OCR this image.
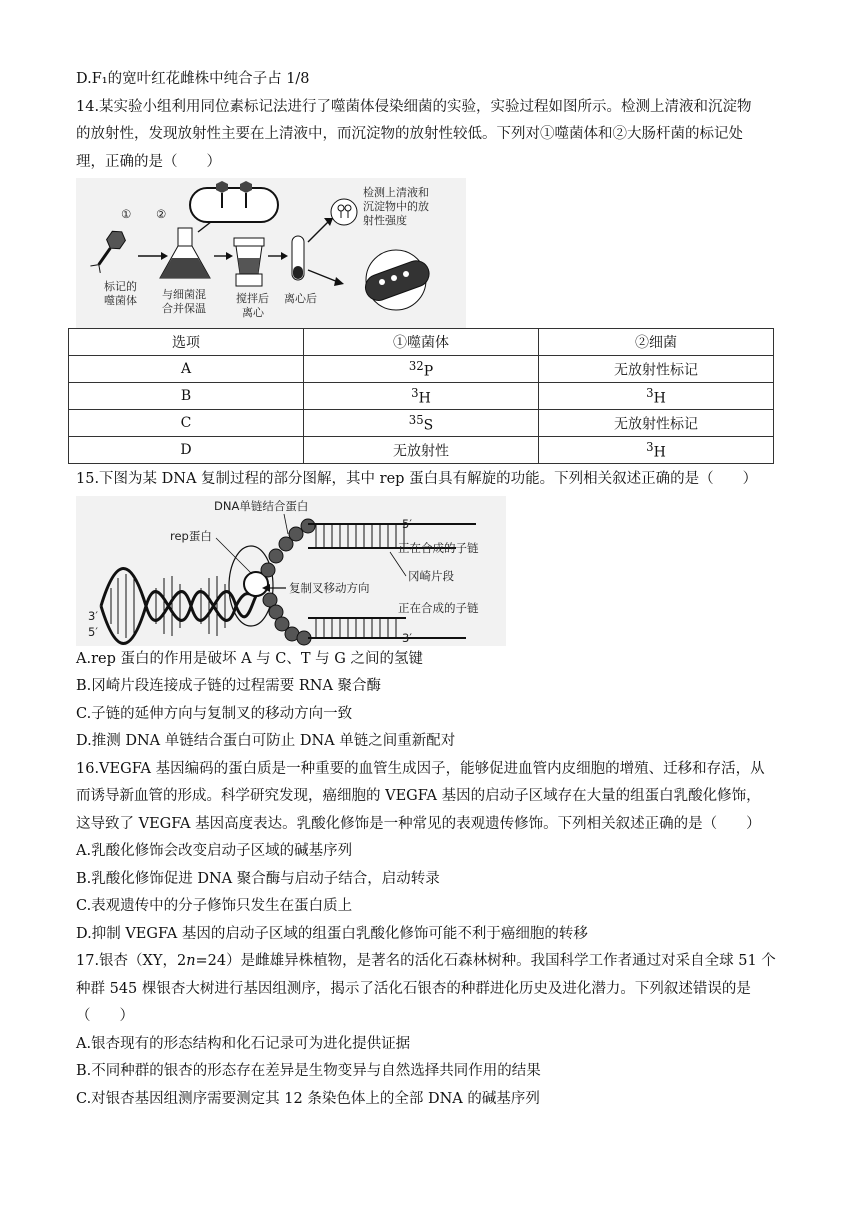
D.F₁的宽叶红花雌株中纯合子占 1/8
14.某实验小组利用同位素标记法进行了噬菌体侵染细菌的实验，实验过程如图所示。检测上清液和沉淀物
的放射性，发现放射性主要在上清液中，而沉淀物的放射性较低。下列对①噬菌体和②大肠杆菌的标记处
理，正确的是（　　）
① ②
标记的
噬菌体 与细菌混
合并保温
搅拌后
离心
离心后
检测上清液和
沉淀物中的放
射性强度
选项	①噬菌体	②细菌
A	$^{32}$P	无放射性标记
B	$^3$H	$^3$H
C	$^{35}$S	无放射性标记
D	无放射性	$^3$H
15.下图为某 DNA 复制过程的部分图解，其中 rep 蛋白具有解旋的功能。下列相关叙述正确的是（　　）
3′
5′
DNA单链结合蛋白
rep蛋白
复制叉移动方向
正在合成的子链
冈崎片段
正在合成的子链
5′
3′
A.rep 蛋白的作用是破坏 A 与 C、T 与 G 之间的氢键
B.冈崎片段连接成子链的过程需要 RNA 聚合酶
C.子链的延伸方向与复制叉的移动方向一致
D.推测 DNA 单链结合蛋白可防止 DNA 单链之间重新配对
16.VEGFA 基因编码的蛋白质是一种重要的血管生成因子，能够促进血管内皮细胞的增殖、迁移和存活，从
而诱导新血管的形成。科学研究发现，癌细胞的 VEGFA 基因的启动子区域存在大量的组蛋白乳酸化修饰，
这导致了 VEGFA 基因高度表达。乳酸化修饰是一种常见的表观遗传修饰。下列相关叙述正确的是（　　）
A.乳酸化修饰会改变启动子区域的碱基序列
B.乳酸化修饰促进 DNA 聚合酶与启动子结合，启动转录
C.表观遗传中的分子修饰只发生在蛋白质上
D.抑制 VEGFA 基因的启动子区域的组蛋白乳酸化修饰可能不利于癌细胞的转移
17.银杏（XY，2n=24）是雌雄异株植物，是著名的活化石森林树种。我国科学工作者通过对采自全球 51 个
种群 545 棵银杏大树进行基因组测序，揭示了活化石银杏的种群进化历史及进化潜力。下列叙述错误的是
（　　）
A.银杏现有的形态结构和化石记录可为进化提供证据
B.不同种群的银杏的形态存在差异是生物变异与自然选择共同作用的结果
C.对银杏基因组测序需要测定其 12 条染色体上的全部 DNA 的碱基序列
